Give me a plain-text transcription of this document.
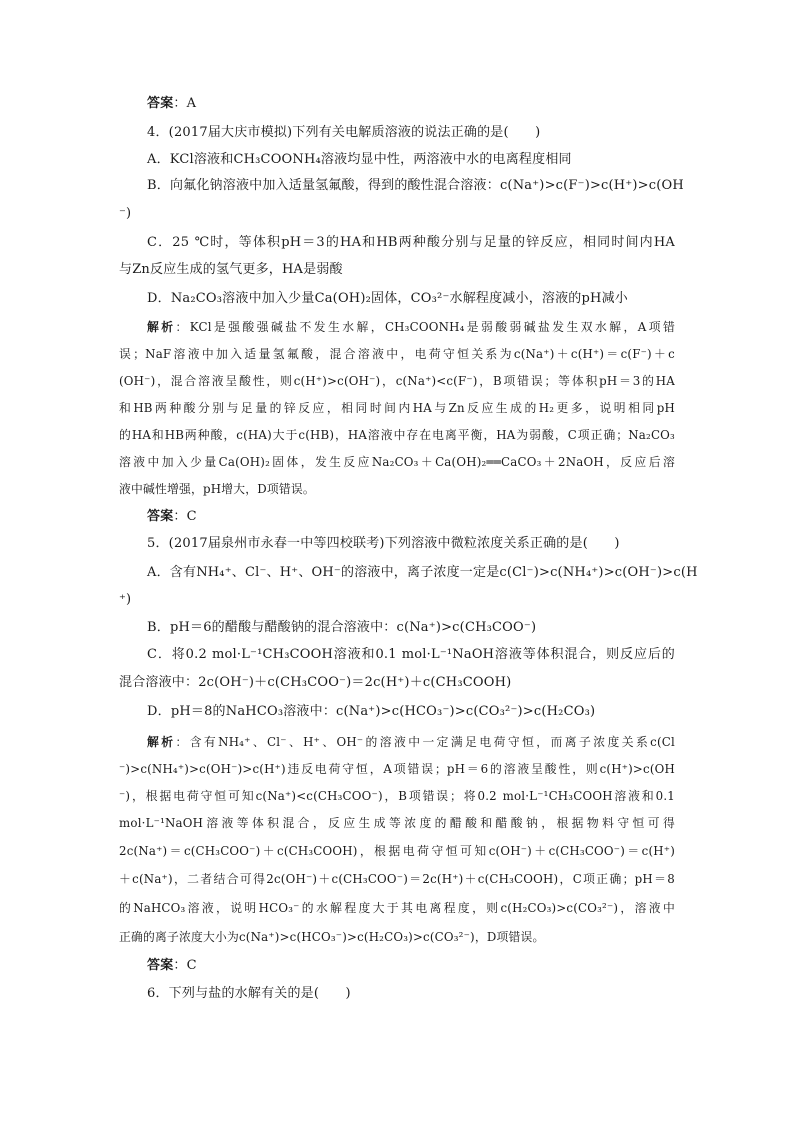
答案 ： A
4．(2017届大庆市模拟)下列有关电解质溶液的说法正确的是(　　)
A．KCl溶液和CH₃COONH₄溶液均显中性，两溶液中水的电离程度相同
B．向氟化钠溶液中加入适量氢氟酸，得到的酸性混合溶液：c(Na⁺)>c(F⁻)>c(H⁺)>c(OH
⁻)
C．25 ℃时，等体积pH＝3的HA和HB两种酸分别与足量的锌反应，相同时间内HA
与Zn反应生成的氢气更多，HA是弱酸
D．Na₂CO₃溶液中加入少量Ca(OH)₂固体，CO₃²⁻水解程度减小，溶液的pH减小
解析 ： KCl是强酸强碱盐不发生水解，CH₃COONH₄是弱酸弱碱盐发生双水解，A项错
误；NaF溶液中加入适量氢氟酸，混合溶液中，电荷守恒关系为c(Na⁺)＋c(H⁺)＝c(F⁻)＋c
(OH⁻)，混合溶液呈酸性，则c(H⁺)>c(OH⁻)，c(Na⁺)<c(F⁻)，B项错误；等体积pH＝3的HA
和HB两种酸分别与足量的锌反应，相同时间内HA与Zn反应生成的H₂更多，说明相同pH
的HA和HB两种酸，c(HA)大于c(HB)，HA溶液中存在电离平衡，HA为弱酸，C项正确；Na₂CO₃
溶液中加入少量Ca(OH)₂固体，发生反应Na₂CO₃＋Ca(OH)₂══CaCO₃＋2NaOH，反应后溶
液中碱性增强，pH增大，D项错误。
答案 ： C
5．(2017届泉州市永春一中等四校联考)下列溶液中微粒浓度关系正确的是(　　)
A．含有NH₄⁺、Cl⁻、H⁺、OH⁻的溶液中，离子浓度一定是c(Cl⁻)>c(NH₄⁺)>c(OH⁻)>c(H
⁺)
B．pH＝6的醋酸与醋酸钠的混合溶液中：c(Na⁺)>c(CH₃COO⁻)
C．将0.2 mol·L⁻¹CH₃COOH溶液和0.1 mol·L⁻¹NaOH溶液等体积混合，则反应后的
混合溶液中：2c(OH⁻)＋c(CH₃COO⁻)＝2c(H⁺)＋c(CH₃COOH)
D．pH＝8的NaHCO₃溶液中：c(Na⁺)>c(HCO₃⁻)>c(CO₃²⁻)>c(H₂CO₃)
解析 ： 含有NH₄⁺、Cl⁻、H⁺、OH⁻的溶液中一定满足电荷守恒，而离子浓度关系c(Cl
⁻)>c(NH₄⁺)>c(OH⁻)>c(H⁺)违反电荷守恒，A项错误；pH＝6的溶液呈酸性，则c(H⁺)>c(OH
⁻)，根据电荷守恒可知c(Na⁺)<c(CH₃COO⁻)，B项错误；将0.2 mol·L⁻¹CH₃COOH溶液和0.1
mol·L⁻¹NaOH溶液等体积混合，反应生成等浓度的醋酸和醋酸钠，根据物料守恒可得
2c(Na⁺)＝c(CH₃COO⁻)＋c(CH₃COOH)，根据电荷守恒可知c(OH⁻)＋c(CH₃COO⁻)＝c(H⁺)
＋c(Na⁺)，二者结合可得2c(OH⁻)＋c(CH₃COO⁻)＝2c(H⁺)＋c(CH₃COOH)，C项正确；pH＝8
的NaHCO₃溶液，说明HCO₃⁻的水解程度大于其电离程度，则c(H₂CO₃)>c(CO₃²⁻)，溶液中
正确的离子浓度大小为c(Na⁺)>c(HCO₃⁻)>c(H₂CO₃)>c(CO₃²⁻)，D项错误。
答案 ： C
6．下列与盐的水解有关的是(　　)
